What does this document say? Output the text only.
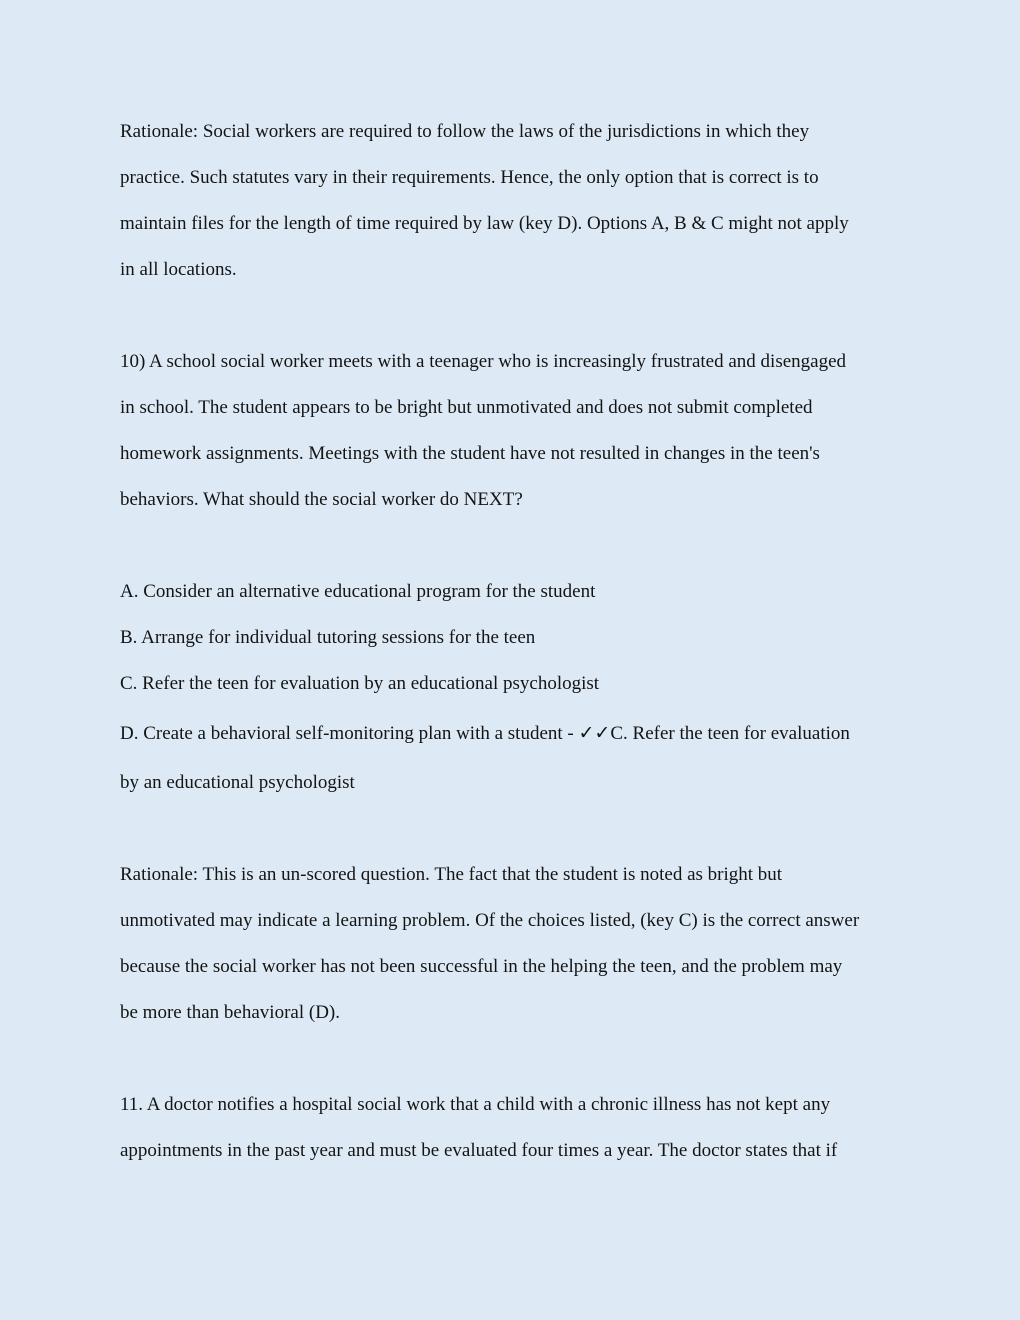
Rationale: Social workers are required to follow the laws of the jurisdictions in which they
practice. Such statutes vary in their requirements. Hence, the only option that is correct is to
maintain files for the length of time required by law (key D). Options A, B & C might not apply
in all locations.
10) A school social worker meets with a teenager who is increasingly frustrated and disengaged
in school. The student appears to be bright but unmotivated and does not submit completed
homework assignments. Meetings with the student have not resulted in changes in the teen's
behaviors. What should the social worker do NEXT?
A. Consider an alternative educational program for the student
B. Arrange for individual tutoring sessions for the teen
C. Refer the teen for evaluation by an educational psychologist
D. Create a behavioral self-monitoring plan with a student - ✓✓C. Refer the teen for evaluation
by an educational psychologist
Rationale: This is an un-scored question. The fact that the student is noted as bright but
unmotivated may indicate a learning problem. Of the choices listed, (key C) is the correct answer
because the social worker has not been successful in the helping the teen, and the problem may
be more than behavioral (D).
11. A doctor notifies a hospital social work that a child with a chronic illness has not kept any
appointments in the past year and must be evaluated four times a year. The doctor states that if
